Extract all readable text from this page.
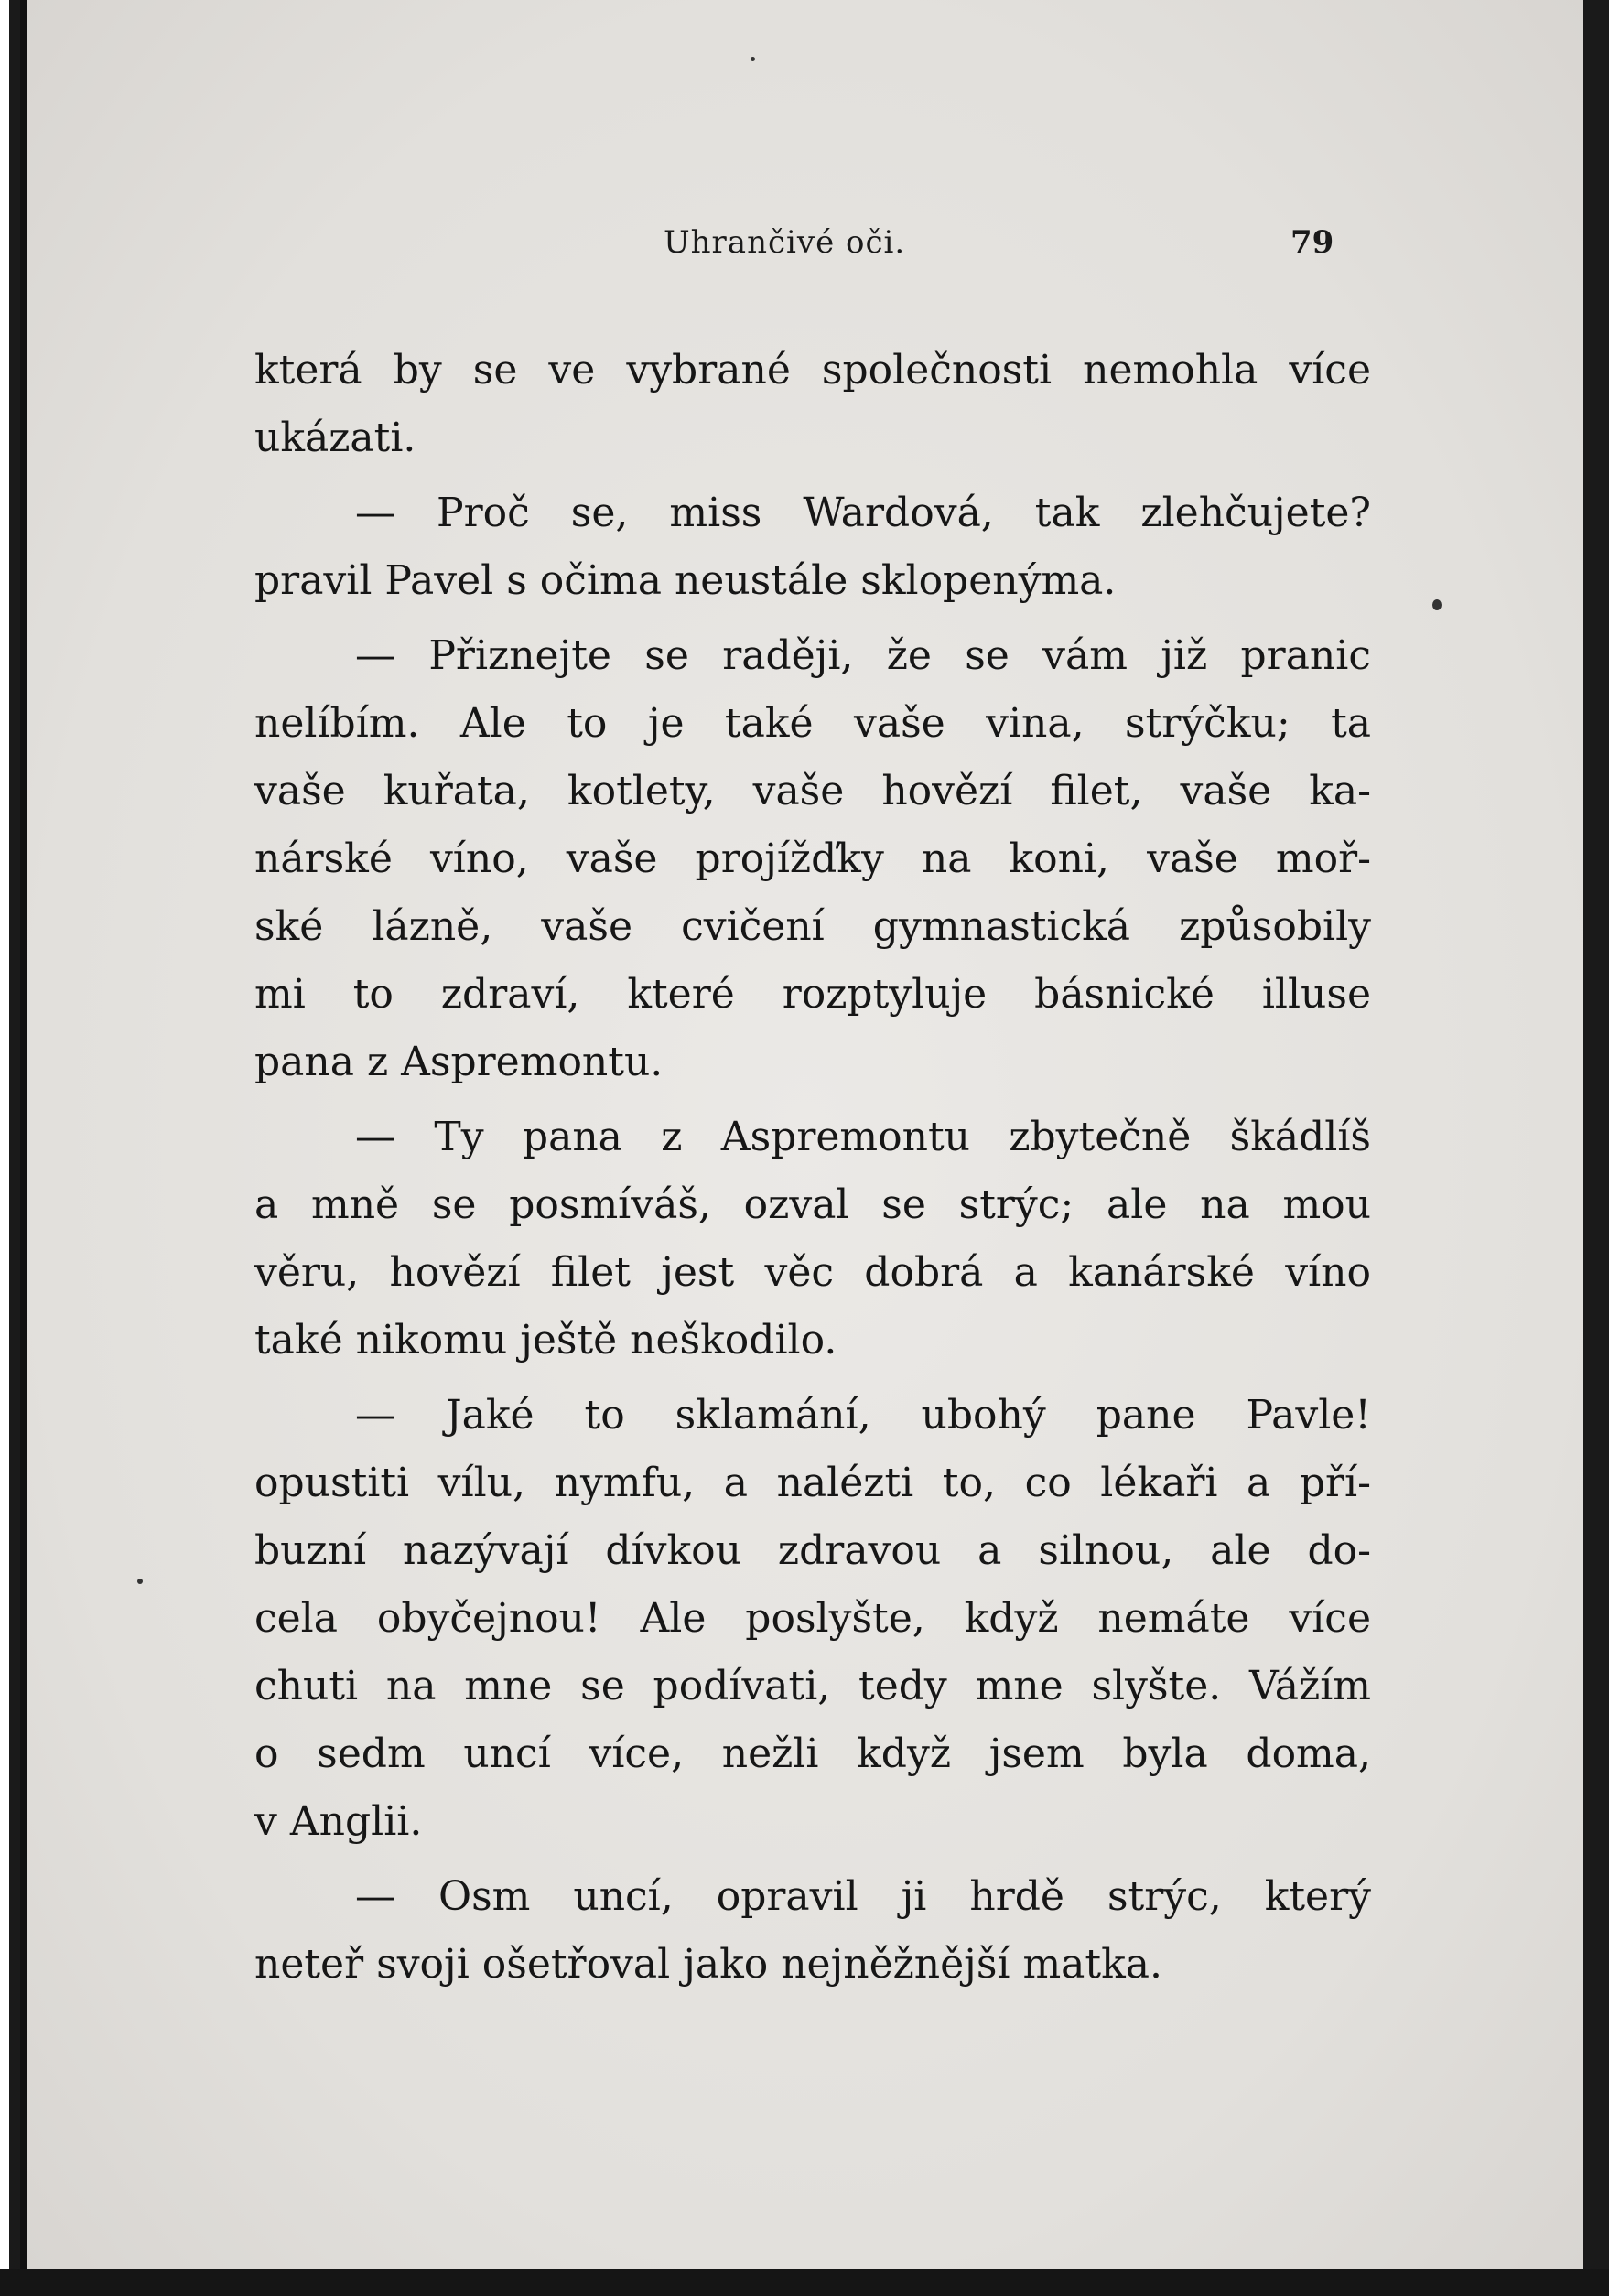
Uhrančivé oči.	79
která by se ve vybrané společnosti nemohla více
ukázati.
— Proč se, miss Wardová, tak zlehčujete?
pravil Pavel s očima neustále sklopenýma.
— Přiznejte se raději, že se vám již pranic
nelíbím. Ale to je také vaše vina, strýčku; ta
vaše kuřata, kotlety, vaše hovězí filet, vaše ka-
nárské víno, vaše projížďky na koni, vaše moř-
ské lázně, vaše cvičení gymnastická způsobily
mi to zdraví, které rozptyluje básnické illuse
pana z Aspremontu.
— Ty pana z Aspremontu zbytečně škádlíš
a mně se posmíváš, ozval se strýc; ale na mou
věru, hovězí filet jest věc dobrá a kanárské víno
také nikomu ještě neškodilo.
— Jaké to sklamání, ubohý pane Pavle!
opustiti vílu, nymfu, a nalézti to, co lékaři a pří-
buzní nazývají dívkou zdravou a silnou, ale do-
cela obyčejnou! Ale poslyšte, když nemáte více
chuti na mne se podívati, tedy mne slyšte. Vážím
o sedm uncí více, nežli když jsem byla doma,
v Anglii.
— Osm uncí, opravil ji hrdě strýc, který
neteř svoji ošetřoval jako nejněžnější matka.
